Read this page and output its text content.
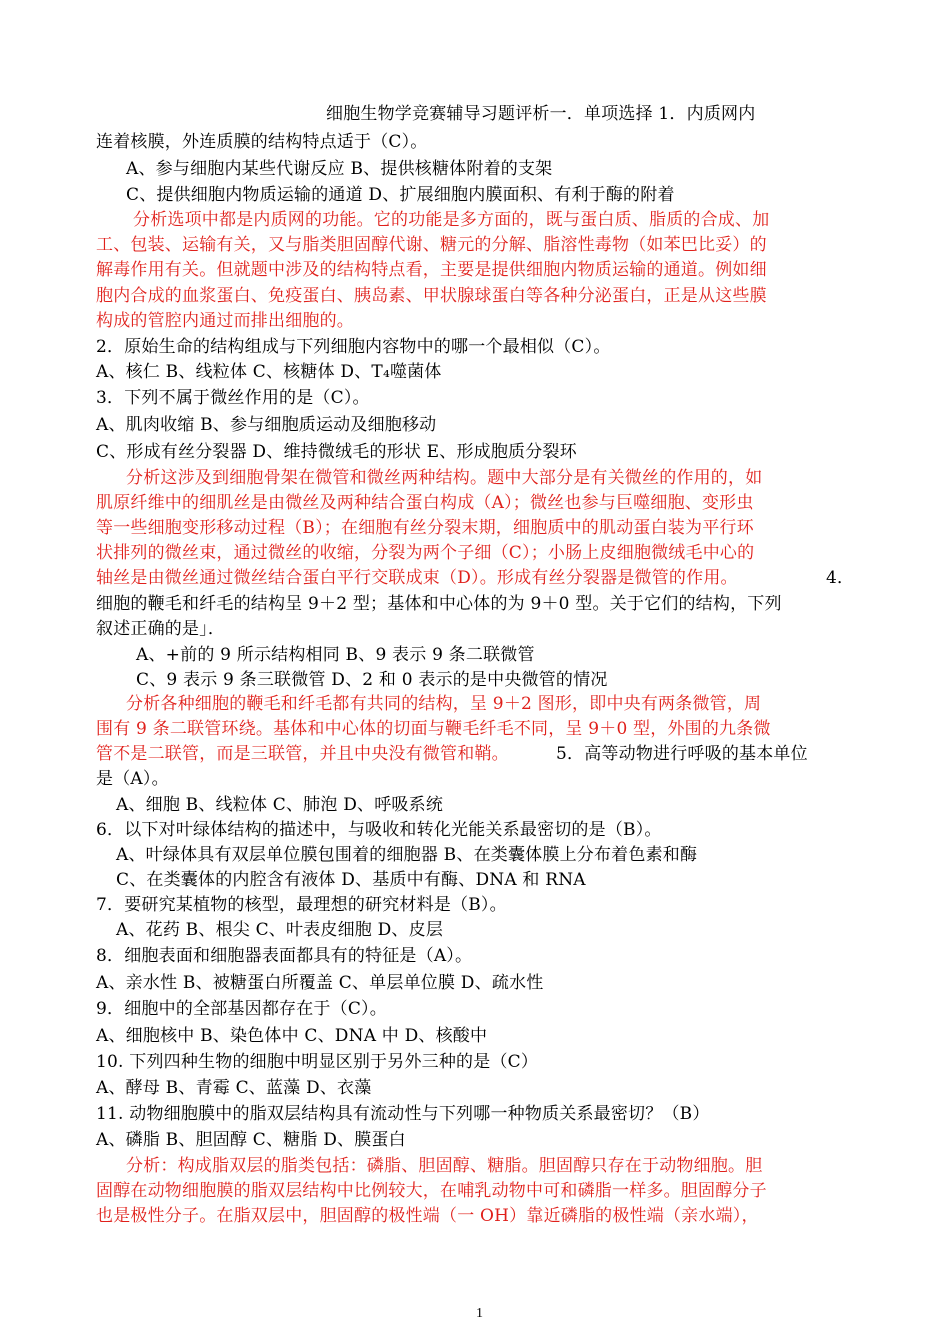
细胞生物学竞赛辅导习题评析一．单项选择 1．内质网内
连着核膜，外连质膜的结构特点适于（C）。
A、参与细胞内某些代谢反应 B、提供核糖体附着的支架
C、提供细胞内物质运输的通道 D、扩展细胞内膜面积、有利于酶的附着
分析选项中都是内质网的功能。它的功能是多方面的，既与蛋白质、脂质的合成、加
工、包装、运输有关，又与脂类胆固醇代谢、糖元的分解、脂溶性毒物（如苯巴比妥）的
解毒作用有关。但就题中涉及的结构特点看，主要是提供细胞内物质运输的通道。例如细
胞内合成的血浆蛋白、免疫蛋白、胰岛素、甲状腺球蛋白等各种分泌蛋白，正是从这些膜
构成的管腔内通过而排出细胞的。
2．原始生命的结构组成与下列细胞内容物中的哪一个最相似（C）。
A、核仁 B、线粒体 C、核糖体 D、T₄噬菌体
3．下列不属于微丝作用的是（C）。
A、肌肉收缩 B、参与细胞质运动及细胞移动
C、形成有丝分裂器 D、维持微绒毛的形状 E、形成胞质分裂环
分析这涉及到细胞骨架在微管和微丝两种结构。题中大部分是有关微丝的作用的，如
肌原纤维中的细肌丝是由微丝及两种结合蛋白构成（A）；微丝也参与巨噬细胞、变形虫
等一些细胞变形移动过程（B）；在细胞有丝分裂末期，细胞质中的肌动蛋白装为平行环
状排列的微丝束，通过微丝的收缩，分裂为两个子细（C）；小肠上皮细胞微绒毛中心的
轴丝是由微丝通过微丝结合蛋白平行交联成束（D）。形成有丝分裂器是微管的作用。	4．
细胞的鞭毛和纤毛的结构呈 9＋2 型；基体和中心体的为 9＋0 型。关于它们的结构，下列
叙述正确的是」．
A、+前的 9 所示结构相同 B、9 表示 9 条二联微管
C、9 表示 9 条三联微管 D、2 和 0 表示的是中央微管的情况
分析各种细胞的鞭毛和纤毛都有共同的结构，呈 9＋2 图形，即中央有两条微管，周
围有 9 条二联管环绕。基体和中心体的切面与鞭毛纤毛不同，呈 9＋0 型，外围的九条微
管不是二联管，而是三联管，并且中央没有微管和鞘。	5．高等动物进行呼吸的基本单位
是（A）。
A、细胞 B、线粒体 C、肺泡 D、呼吸系统
6．以下对叶绿体结构的描述中，与吸收和转化光能关系最密切的是（B）。
A、叶绿体具有双层单位膜包围着的细胞器 B、在类囊体膜上分布着色素和酶
C、在类囊体的内腔含有液体 D、基质中有酶、DNA 和 RNA
7．要研究某植物的核型，最理想的研究材料是（B）。
A、花药 B、根尖 C、叶表皮细胞 D、皮层
8．细胞表面和细胞器表面都具有的特征是（A）。
A、亲水性 B、被糖蛋白所覆盖 C、单层单位膜 D、疏水性
9．细胞中的全部基因都存在于（C）。
A、细胞核中 B、染色体中 C、DNA 中 D、核酸中
10. 下列四种生物的细胞中明显区别于另外三种的是（C）
A、酵母 B、青霉 C、蓝藻 D、衣藻
11. 动物细胞膜中的脂双层结构具有流动性与下列哪一种物质关系最密切？（B）
A、磷脂 B、胆固醇 C、糖脂 D、膜蛋白
分析：构成脂双层的脂类包括：磷脂、胆固醇、糖脂。胆固醇只存在于动物细胞。胆
固醇在动物细胞膜的脂双层结构中比例较大，在哺乳动物中可和磷脂一样多。胆固醇分子
也是极性分子。在脂双层中，胆固醇的极性端（一 OH）靠近磷脂的极性端（亲水端），
1
